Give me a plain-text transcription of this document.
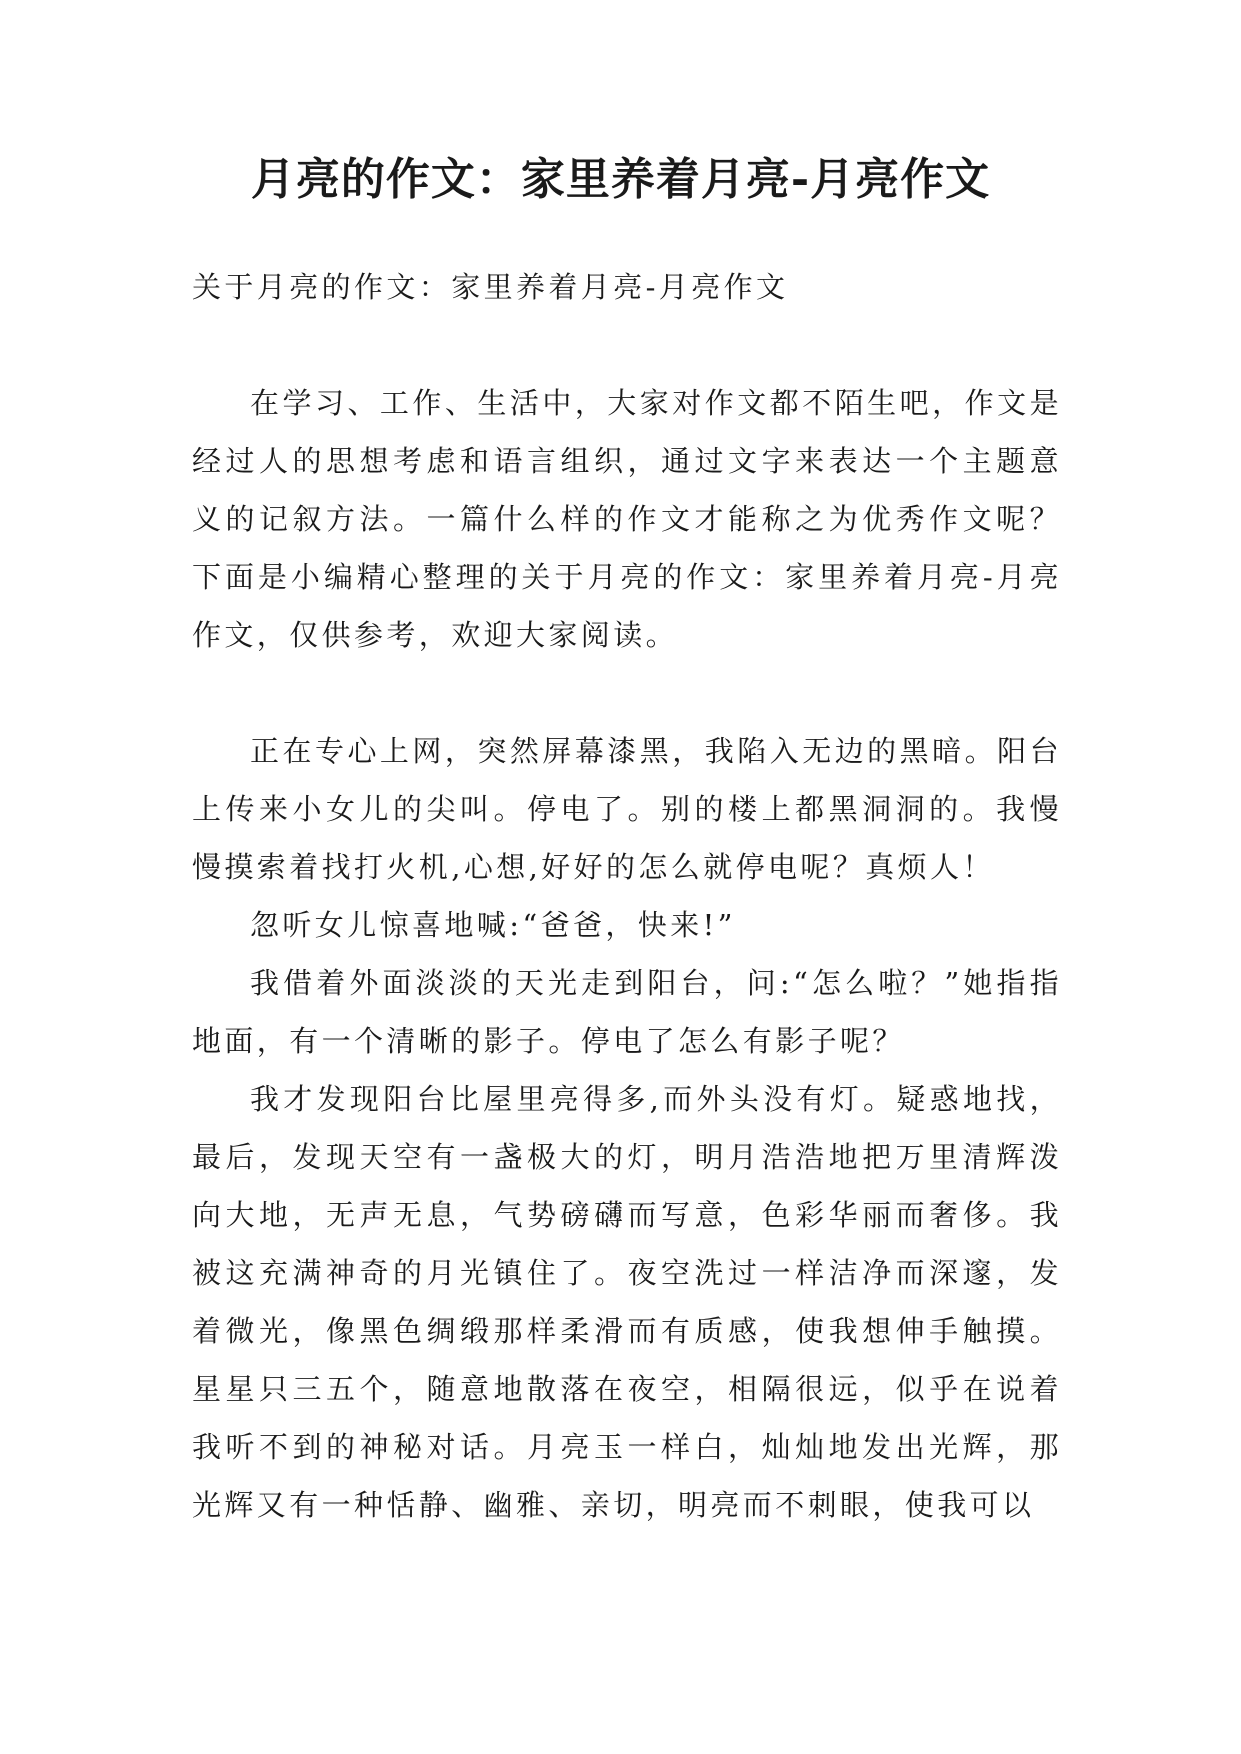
月亮的作文：家里养着月亮-月亮作文

关于月亮的作文：家里养着月亮-月亮作文

在学习、工作、生活中，大家对作文都不陌生吧，作文是经过人的思想考虑和语言组织，通过文字来表达一个主题意义的记叙方法。一篇什么样的作文才能称之为优秀作文呢？下面是小编精心整理的关于月亮的作文：家里养着月亮-月亮作文，仅供参考，欢迎大家阅读。

正在专心上网，突然屏幕漆黑，我陷入无边的黑暗。阳台上传来小女儿的尖叫。停电了。别的楼上都黑洞洞的。我慢慢摸索着找打火机,心想,好好的怎么就停电呢？真烦人！

忽听女儿惊喜地喊:“爸爸，快来!”

我借着外面淡淡的天光走到阳台，问:“怎么啦？”她指指地面，有一个清晰的影子。停电了怎么有影子呢？

我才发现阳台比屋里亮得多,而外头没有灯。疑惑地找，最后，发现天空有一盏极大的灯，明月浩浩地把万里清辉泼向大地，无声无息，气势磅礴而写意，色彩华丽而奢侈。我被这充满神奇的月光镇住了。夜空洗过一样洁净而深邃，发着微光，像黑色绸缎那样柔滑而有质感，使我想伸手触摸。星星只三五个，随意地散落在夜空，相隔很远，似乎在说着我听不到的神秘对话。月亮玉一样白，灿灿地发出光辉，那光辉又有一种恬静、幽雅、亲切，明亮而不刺眼，使我可以
